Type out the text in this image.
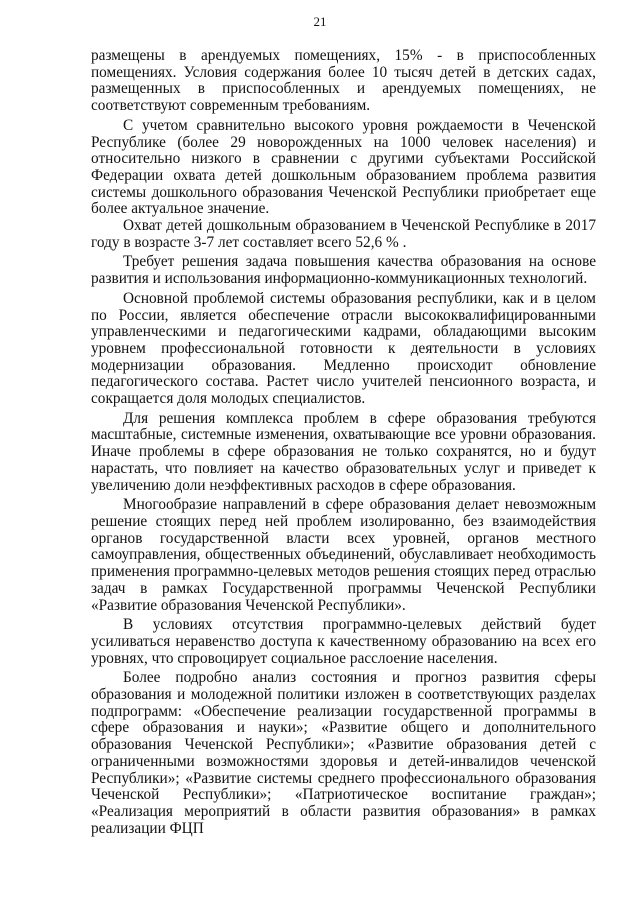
21

размещены в арендуемых помещениях, 15% - в приспособленных помещениях. Условия содержания более 10 тысяч детей в детских садах, размещенных в приспособленных и арендуемых помещениях, не соответствуют современным требованиям.

С учетом сравнительно высокого уровня рождаемости в Чеченской Республике (более 29 новорожденных на 1000 человек населения) и относительно низкого в сравнении с другими субъектами Российской Федерации охвата детей дошкольным образованием проблема развития системы дошкольного образования Чеченской Республики приобретает еще более актуальное значение.

Охват детей дошкольным образованием в Чеченской Республике в 2017 году в возрасте 3-7 лет составляет всего 52,6 % .

Требует решения задача повышения качества образования на основе развития и использования информационно-коммуникационных технологий.

Основной проблемой системы образования республики, как и в целом по России, является обеспечение отрасли высококвалифицированными управленческими и педагогическими кадрами, обладающими высоким уровнем профессиональной готовности к деятельности в условиях модернизации образования. Медленно происходит обновление педагогического состава. Растет число учителей пенсионного возраста, и сокращается доля молодых специалистов.

Для решения комплекса проблем в сфере образования требуются масштабные, системные изменения, охватывающие все уровни образования. Иначе проблемы в сфере образования не только сохранятся, но и будут нарастать, что повлияет на качество образовательных услуг и приведет к увеличению доли неэффективных расходов в сфере образования.

Многообразие направлений в сфере образования делает невозможным решение стоящих перед ней проблем изолированно, без взаимодействия органов государственной власти всех уровней, органов местного самоуправления, общественных объединений, обуславливает необходимость применения программно-целевых методов решения стоящих перед отраслью задач в рамках Государственной программы Чеченской Республики «Развитие образования Чеченской Республики».

В условиях отсутствия программно-целевых действий будет усиливаться неравенство доступа к качественному образованию на всех его уровнях, что спровоцирует социальное расслоение населения.

Более подробно анализ состояния и прогноз развития сферы образования и молодежной политики изложен в соответствующих разделах подпрограмм: «Обеспечение реализации государственной программы в сфере образования и науки»; «Развитие общего и дополнительного образования Чеченской Республики»; «Развитие образования детей с ограниченными возможностями здоровья и детей-инвалидов чеченской Республики»; «Развитие системы среднего профессионального образования Чеченской Республики»; «Патриотическое воспитание граждан»; «Реализация мероприятий в области развития образования» в рамках реализации ФЦП
